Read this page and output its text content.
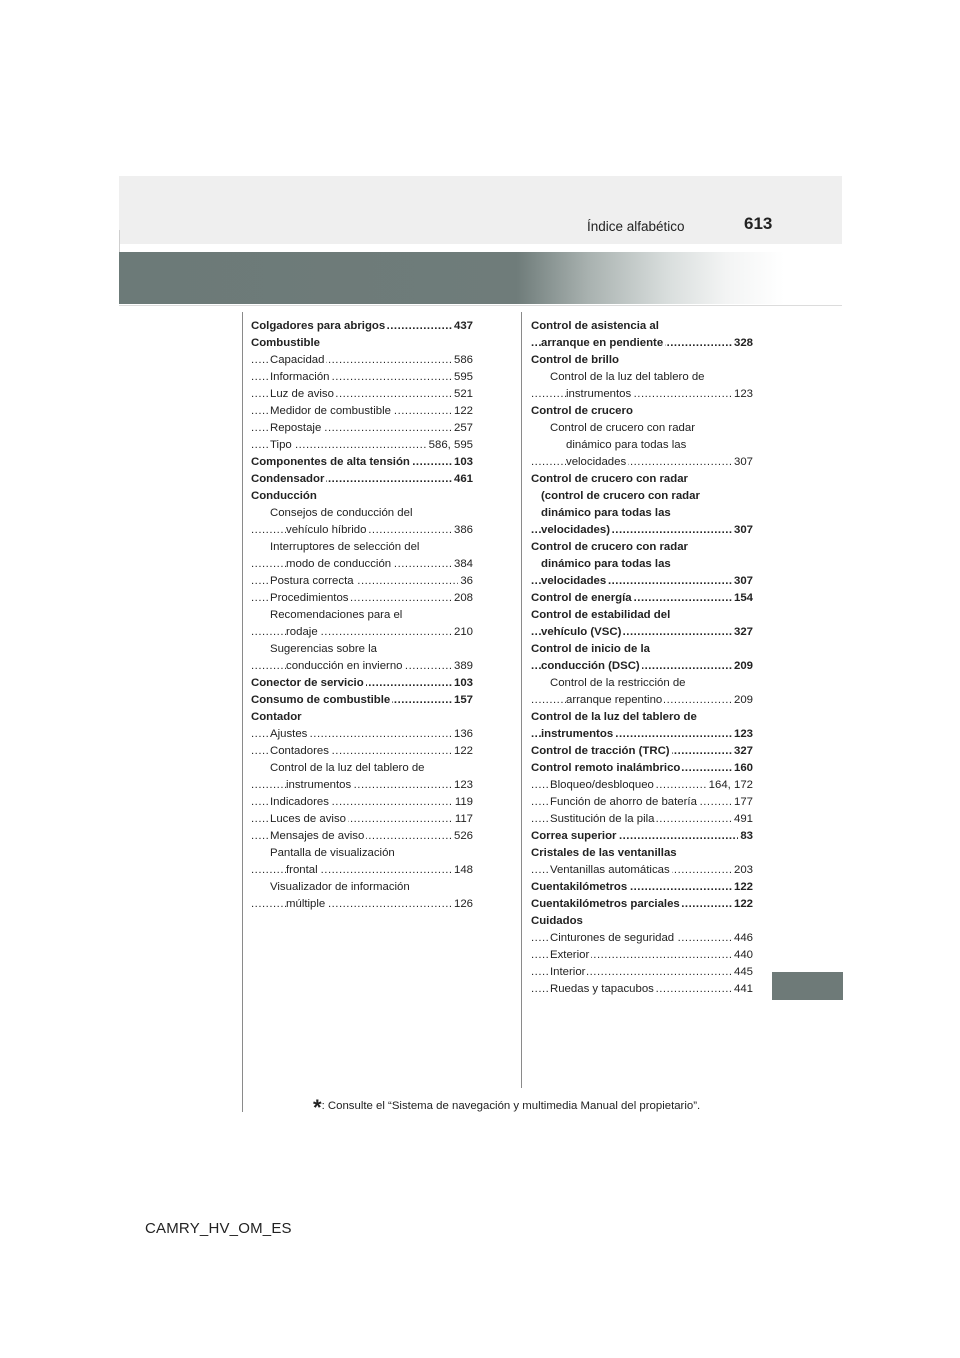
Índice alfabético	613
Colgadores para abrigos	437
.....
Combustible
Capacidad	586
.....
Información	595
.....
Luz de aviso	521
.....
Medidor de combustible	122
.....
Repostaje	257
.....
Tipo	586, 595
.....
Componentes de alta tensión	103
.....
Condensador	461
.....
Conducción
Consejos de conducción del
vehículo híbrido	386
.....
Interruptores de selección del
modo de conducción	384
.....
Postura correcta	36
.....
Procedimientos	208
.....
Recomendaciones para el
rodaje	210
.....
Sugerencias sobre la
conducción en invierno	389
.....
Conector de servicio	103
.....
Consumo de combustible	157
.....
Contador
Ajustes	136
.....
Contadores	122
.....
Control de la luz del tablero de
instrumentos	123
.....
Indicadores	119
.....
Luces de aviso	117
.....
Mensajes de aviso	526
.....
Pantalla de visualización
frontal	148
.....
Visualizador de información
múltiple	126
.....
Control de asistencia al
arranque en pendiente	328
.....
Control de brillo
Control de la luz del tablero de
instrumentos	123
.....
Control de crucero
Control de crucero con radar
dinámico para todas las
velocidades	307
.....
Control de crucero con radar
(control de crucero con radar
dinámico para todas las
velocidades)	307
.....
Control de crucero con radar
dinámico para todas las
velocidades	307
.....
Control de energía	154
.....
Control de estabilidad del
vehículo (VSC)	327
.....
Control de inicio de la
conducción (DSC)	209
.....
Control de la restricción de
arranque repentino	209
.....
Control de la luz del tablero de
instrumentos	123
.....
Control de tracción (TRC)	327
.....
Control remoto inalámbrico	160
.....
Bloqueo/desbloqueo	164, 172
.....
Función de ahorro de batería	177
.....
Sustitución de la pila	491
.....
Correa superior	83
.....
Cristales de las ventanillas
Ventanillas automáticas	203
.....
Cuentakilómetros	122
.....
Cuentakilómetros parciales	122
.....
Cuidados
Cinturones de seguridad	446
.....
Exterior	440
.....
Interior	445
.....
Ruedas y tapacubos	441
.....
*: Consulte el “Sistema de navegación y multimedia Manual del propietario”.
CAMRY_HV_OM_ES
